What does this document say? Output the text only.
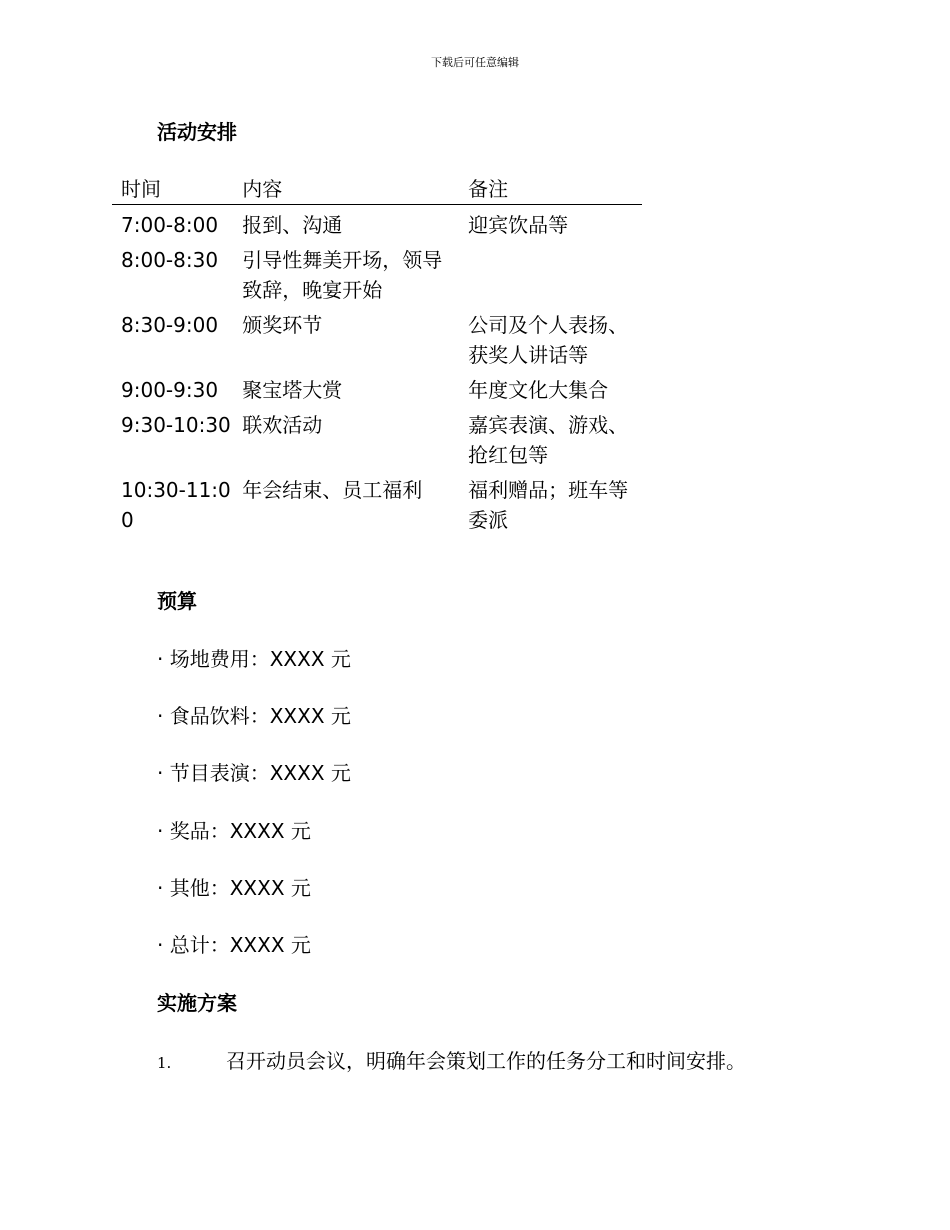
下载后可任意编辑
活动安排
时间	内容	备注
7:00-8:00	报到、沟通	迎宾饮品等
8:00-8:30	引导性舞美开场，领导致辞，晚宴开始	
8:30-9:00	颁奖环节	公司及个人表扬、获奖人讲话等
9:00-9:30	聚宝塔大赏	年度文化大集合
9:30-10:30	联欢活动	嘉宾表演、游戏、抢红包等
10:30-11:00	年会结束、员工福利	福利赠品；班车等委派
预算
· 场地费用：XXXX 元
· 食品饮料：XXXX 元
· 节目表演：XXXX 元
· 奖品：XXXX 元
· 其他：XXXX 元
· 总计：XXXX 元
实施方案
1.	召开动员会议，明确年会策划工作的任务分工和时间安排。
